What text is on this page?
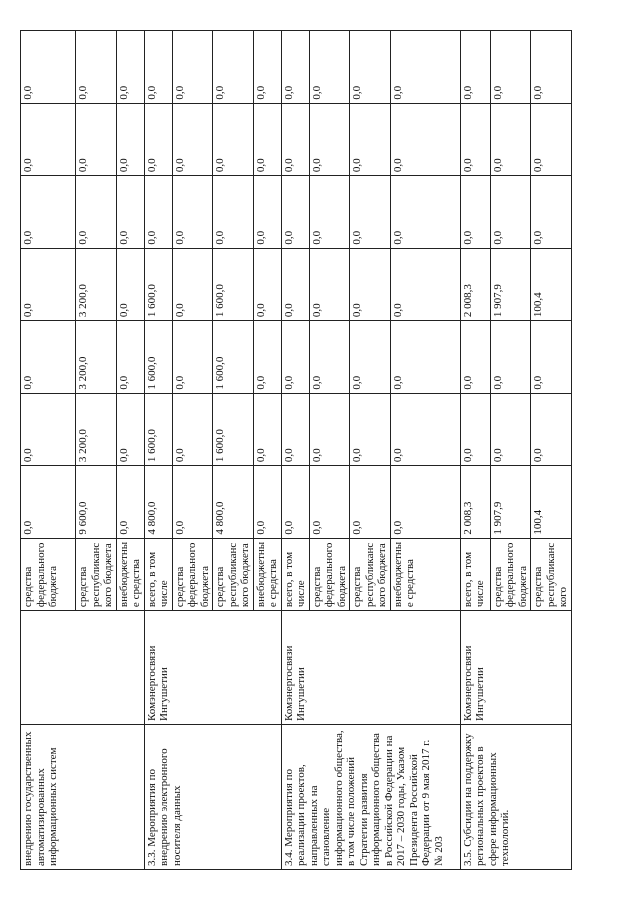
внедрению государственных автоматизированных информационных систем		средства федерального бюджета	0,0	0,0	0,0	0,0	0,0	0,0	0,0
		средства республиканского бюджета	9 600,0	3 200,0	3 200,0	3 200,0	0,0	0,0	0,0
		внебюджетные средства	0,0	0,0	0,0	0,0	0,0	0,0	0,0
3.3. Мероприятия по внедрению электронного носителя данных	Комэнергосвязи Ингушетии	всего, в том числе	4 800,0	1 600,0	1 600,0	1 600,0	0,0	0,0	0,0
		средства федерального бюджета	0,0	0,0	0,0	0,0	0,0	0,0	0,0
		средства республиканского бюджета	4 800,0	1 600,0	1 600,0	1 600,0	0,0	0,0	0,0
		внебюджетные средства	0,0	0,0	0,0	0,0	0,0	0,0	0,0
3.4. Мероприятия по реализации проектов, направленных на становление информационного общества, в том числе положений Стратегии развития информационного общества в Российской Федерации на 2017 – 2030 годы, Указом Президента Российской Федерации от 9 мая 2017 г. № 203	Комэнергосвязи Ингушетии	всего, в том числе	0,0	0,0	0,0	0,0	0,0	0,0	0,0
		средства федерального бюджета	0,0	0,0	0,0	0,0	0,0	0,0	0,0
		средства республиканского бюджета	0,0	0,0	0,0	0,0	0,0	0,0	0,0
		внебюджетные средства	0,0	0,0	0,0	0,0	0,0	0,0	0,0
3.5. Субсидии на поддержку региональных проектов в сфере информационных технологий.	Комэнергосвязи Ингушетии	всего, в том числе	2 008,3	0,0	0,0	2 008,3	0,0	0,0	0,0
		средства федерального бюджета	1 907,9	0,0	0,0	1 907,9	0,0	0,0	0,0
		средства республиканского	100,4	0,0	0,0	100,4	0,0	0,0	0,0
